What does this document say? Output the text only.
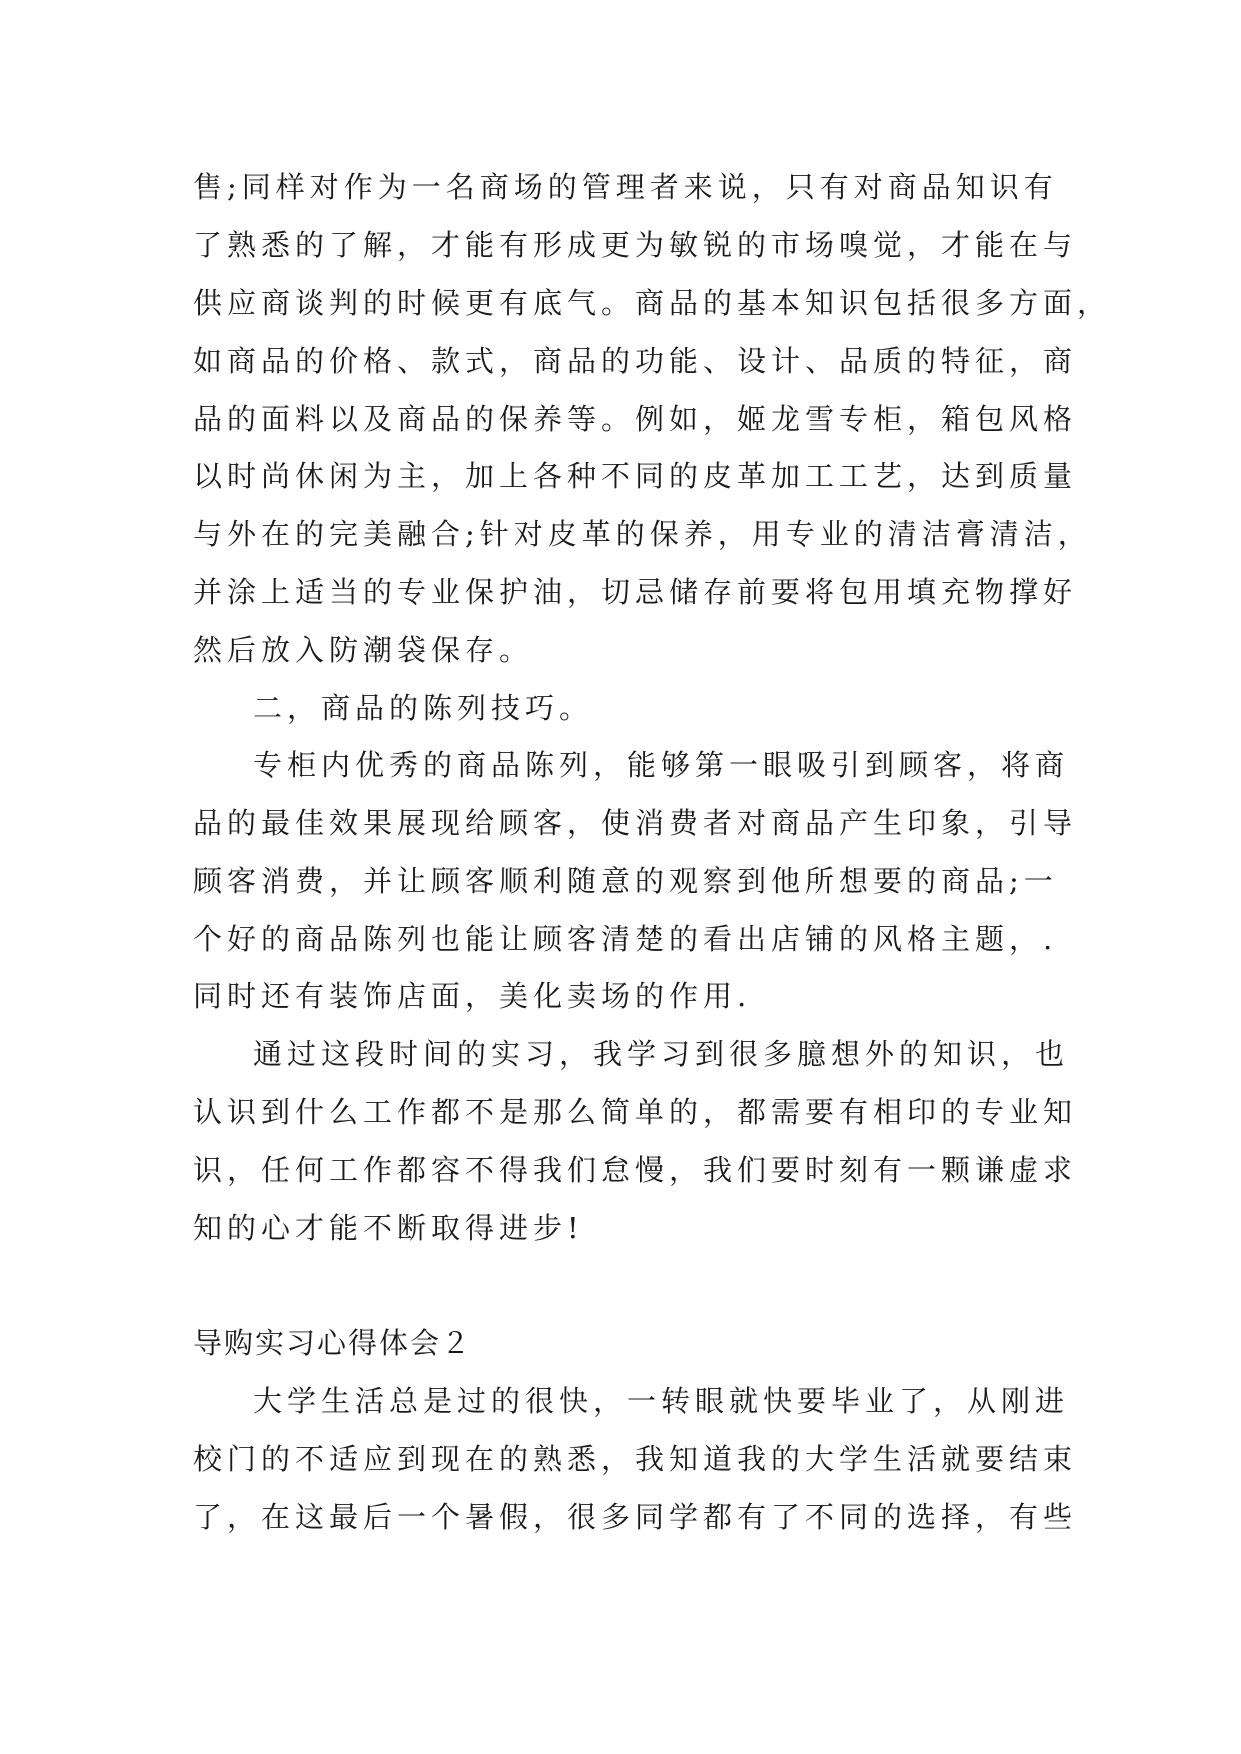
售;同样对作为一名商场的管理者来说，只有对商品知识有
了熟悉的了解，才能有形成更为敏锐的市场嗅觉，才能在与
供应商谈判的时候更有底气。商品的基本知识包括很多方面，
如商品的价格、款式，商品的功能、设计、品质的特征，商
品的面料以及商品的保养等。例如，姬龙雪专柜，箱包风格
以时尚休闲为主，加上各种不同的皮革加工工艺，达到质量
与外在的完美融合;针对皮革的保养，用专业的清洁膏清洁，
并涂上适当的专业保护油，切忌储存前要将包用填充物撑好
然后放入防潮袋保存。
二，商品的陈列技巧。
专柜内优秀的商品陈列，能够第一眼吸引到顾客，将商
品的最佳效果展现给顾客，使消费者对商品产生印象，引导
顾客消费，并让顾客顺利随意的观察到他所想要的商品;一
个好的商品陈列也能让顾客清楚的看出店铺的风格主题，.
同时还有装饰店面，美化卖场的作用.
通过这段时间的实习，我学习到很多臆想外的知识，也
认识到什么工作都不是那么简单的，都需要有相印的专业知
识，任何工作都容不得我们怠慢，我们要时刻有一颗谦虚求
知的心才能不断取得进步!
导购实习心得体会２
大学生活总是过的很快，一转眼就快要毕业了，从刚进
校门的不适应到现在的熟悉，我知道我的大学生活就要结束
了，在这最后一个暑假，很多同学都有了不同的选择，有些
